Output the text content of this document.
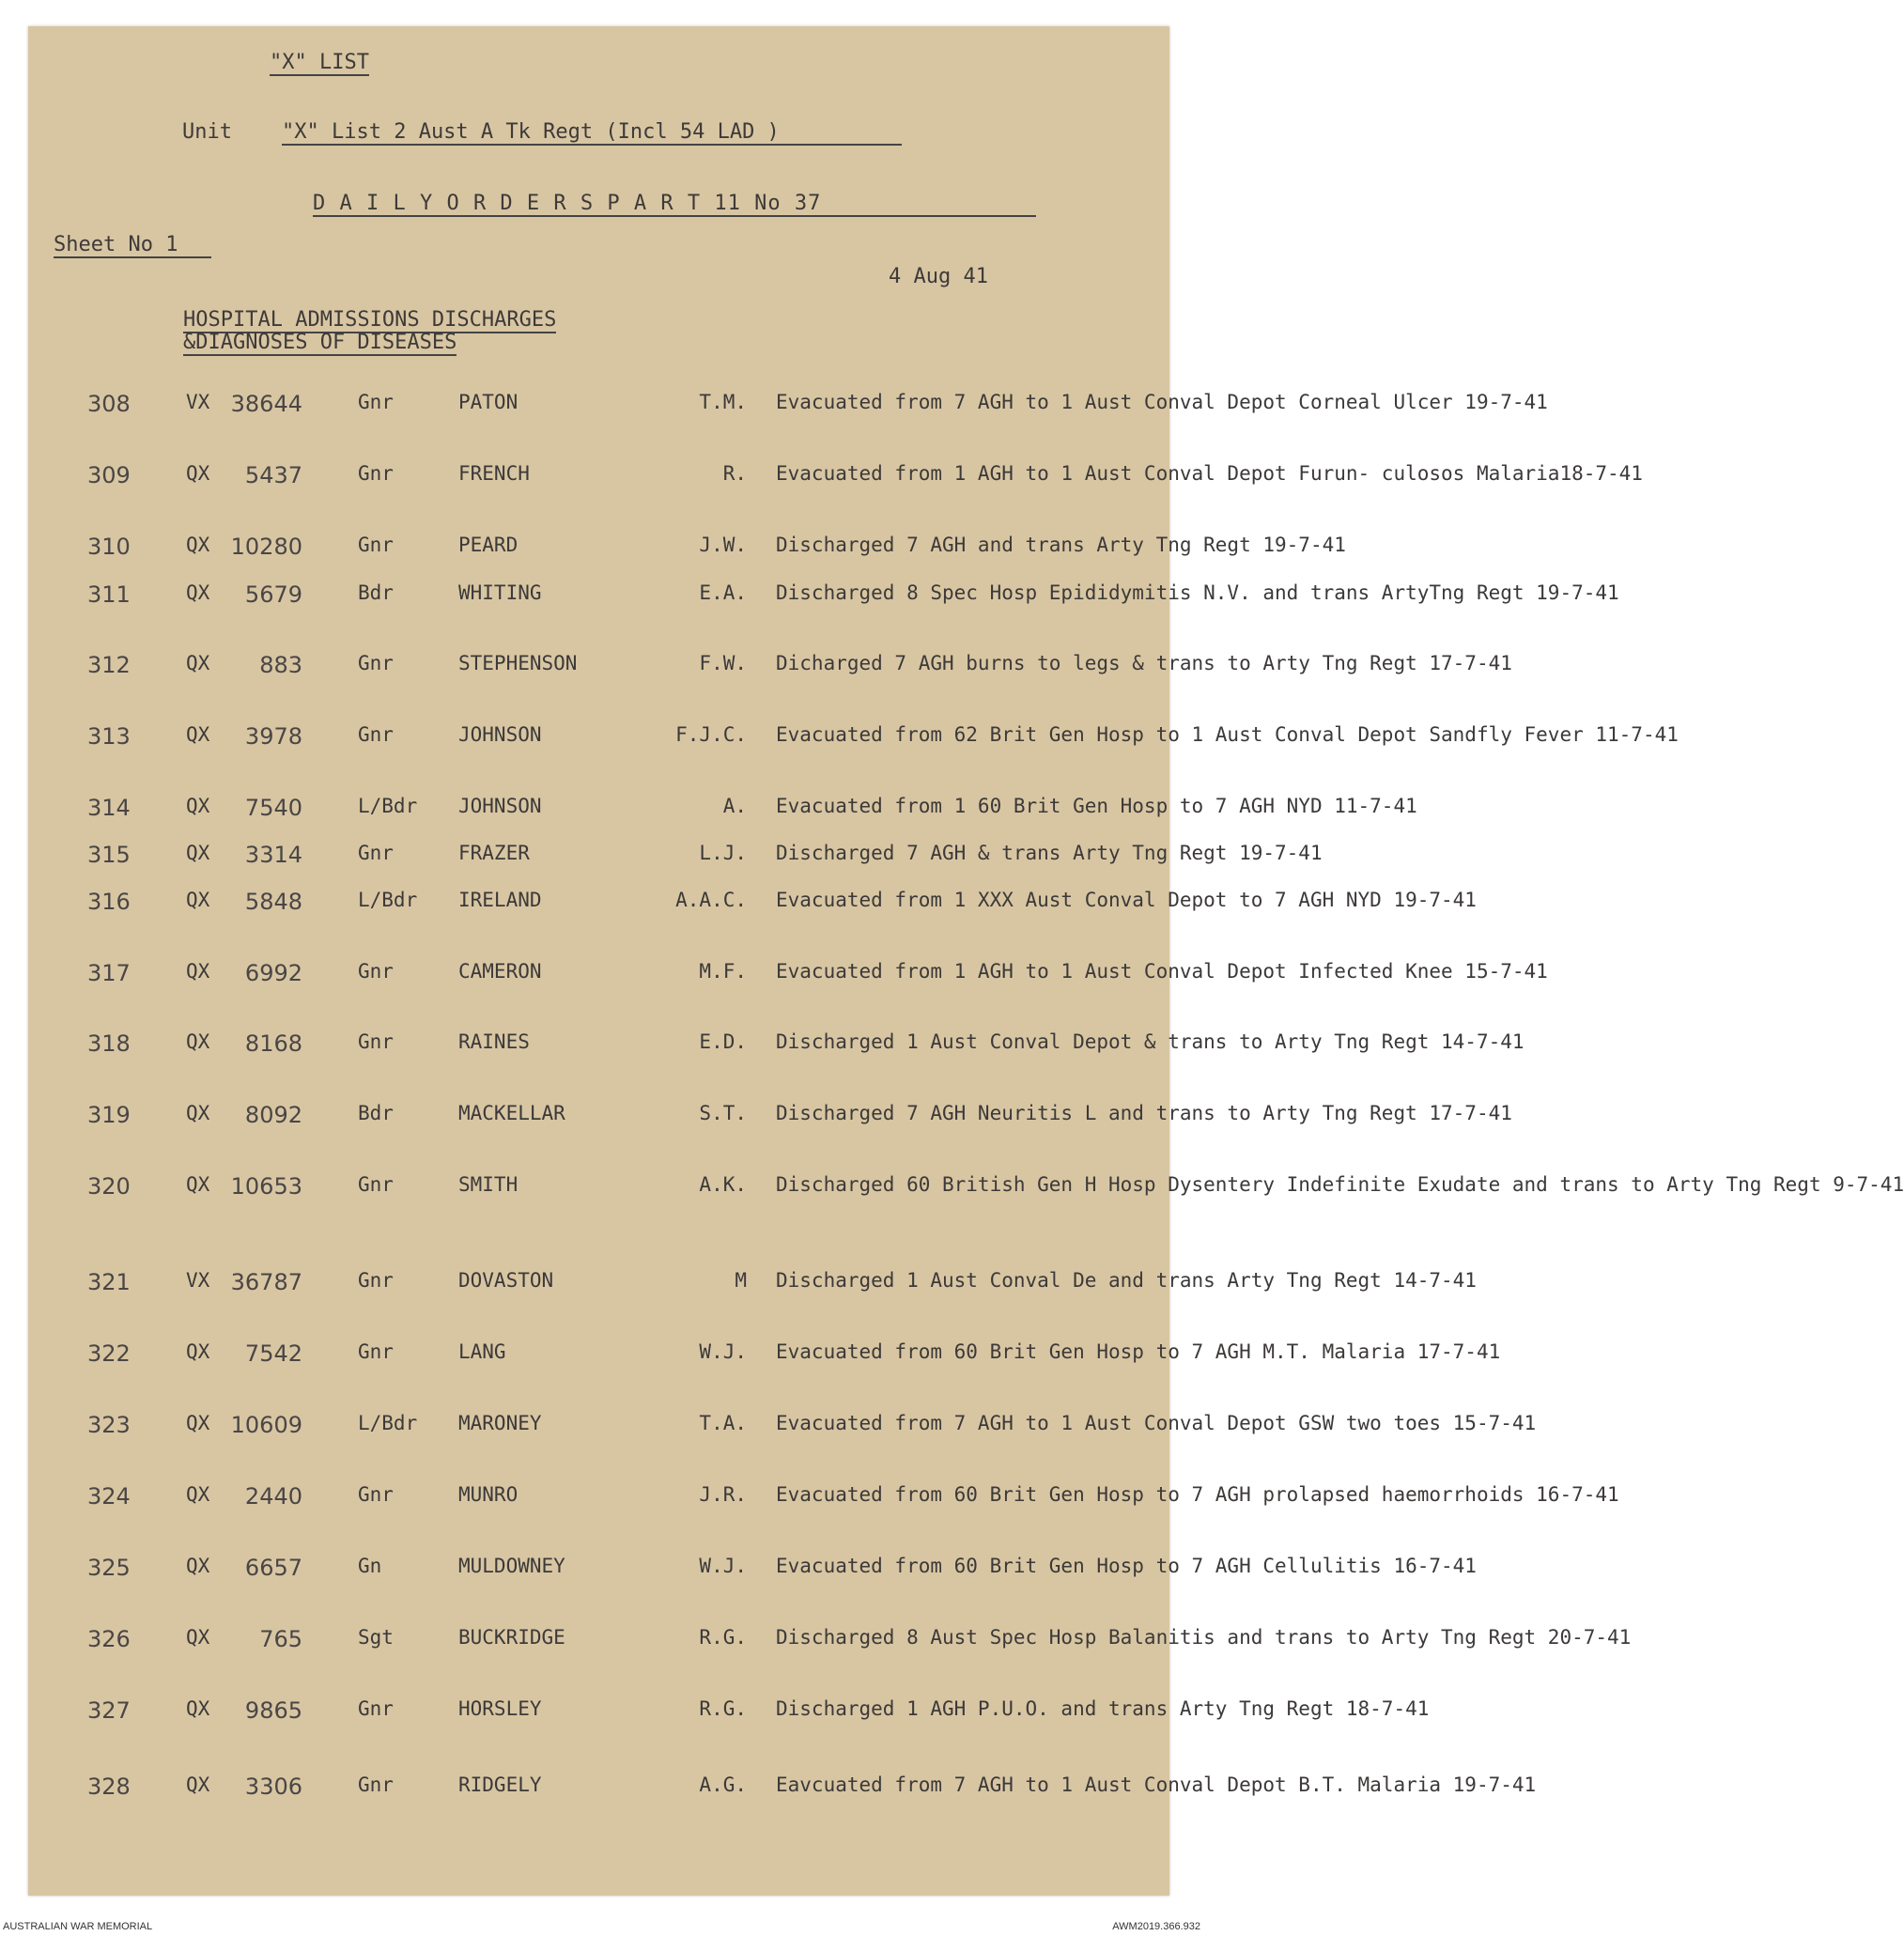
"X" LIST
Unit "X" List 2 Aust A Tk Regt (Incl 54 LAD )
D A I L Y O R D E R S P A R T 11 No 37
Sheet No 1
4 Aug 41
HOSPITAL ADMISSIONS DISCHARGES
&DIAGNOSES OF DISEASES
308	VX 38644	Gnr	PATON	T.M. Evacuated from 7 AGH to 1 Aust Conval Depot Corneal Ulcer 19-7-41
309	QX	5437	Gnr	FRENCH	R. Evacuated from 1 AGH to 1 Aust Conval Depot Furun- culosos Malaria18-7-41
310	QX 10280	Gnr	PEARD	J.W. Discharged 7 AGH and trans Arty Tng Regt 19-7-41
311	QX	5679	Bdr	WHITING	E.A. Discharged 8 Spec Hosp Epididymitis N.V. and trans ArtyTng Regt 19-7-41
312	QX	883	Gnr	STEPHENSON	F.W. Dicharged 7 AGH burns to legs & trans to Arty Tng Regt 17-7-41
313	QX	3978	Gnr	JOHNSON	F.J.C. Evacuated from 62 Brit Gen Hosp to 1 Aust Conval Depot Sandfly Fever 11-7-41
314	QX	7540	L/Bdr JOHNSON	A. Evacuated from 1 60 Brit Gen Hosp to 7 AGH NYD 11-7-41
315	QX	3314	Gnr	FRAZER	L.J. Discharged 7 AGH & trans Arty Tng Regt 19-7-41
316	QX	5848	L/Bdr IRELAND	A.A.C. Evacuated from 1 XXX Aust Conval Depot to 7 AGH NYD 19-7-41
317	QX	6992	Gnr	CAMERON	M.F. Evacuated from 1 AGH to 1 Aust Conval Depot Infected Knee 15-7-41
318	QX	8168	Gnr	RAINES	E.D. Discharged 1 Aust Conval Depot & trans to Arty Tng Regt 14-7-41
319	QX	8092	Bdr	MACKELLAR	S.T. Discharged 7 AGH Neuritis L and trans to Arty Tng Regt 17-7-41
320	QX 10653	Gnr	SMITH	A.K. Discharged 60 British Gen H Hosp Dysentery Indefinite Exudate and trans to Arty Tng Regt 9-7-41
321	VX 36787	Gnr	DOVASTON	M Discharged 1 Aust Conval De and trans Arty Tng Regt 14-7-41
322	QX	7542	Gnr	LANG	W.J. Evacuated from 60 Brit Gen Hosp to 7 AGH M.T. Malaria 17-7-41
323	QX 10609	L/Bdr MARONEY	T.A. Evacuated from 7 AGH to 1 Aust Conval Depot GSW two toes 15-7-41
324	QX	2440	Gnr	MUNRO	J.R. Evacuated from 60 Brit Gen Hosp to 7 AGH prolapsed haemorrhoids 16-7-41
325	QX	6657	Gn	MULDOWNEY	W.J. Evacuated from 60 Brit Gen Hosp to 7 AGH Cellulitis 16-7-41
326	QX	765	Sgt	BUCKRIDGE	R.G. Discharged 8 Aust Spec Hosp Balanitis and trans to Arty Tng Regt 20-7-41
327	QX	9865	Gnr	HORSLEY	R.G. Discharged 1 AGH P.U.O. and trans Arty Tng Regt 18-7-41
328	QX	3306	Gnr	RIDGELY	A.G. Eavcuated from 7 AGH to 1 Aust Conval Depot B.T. Malaria 19-7-41
AUSTRALIAN WAR MEMORIAL	AWM2019.366.932
